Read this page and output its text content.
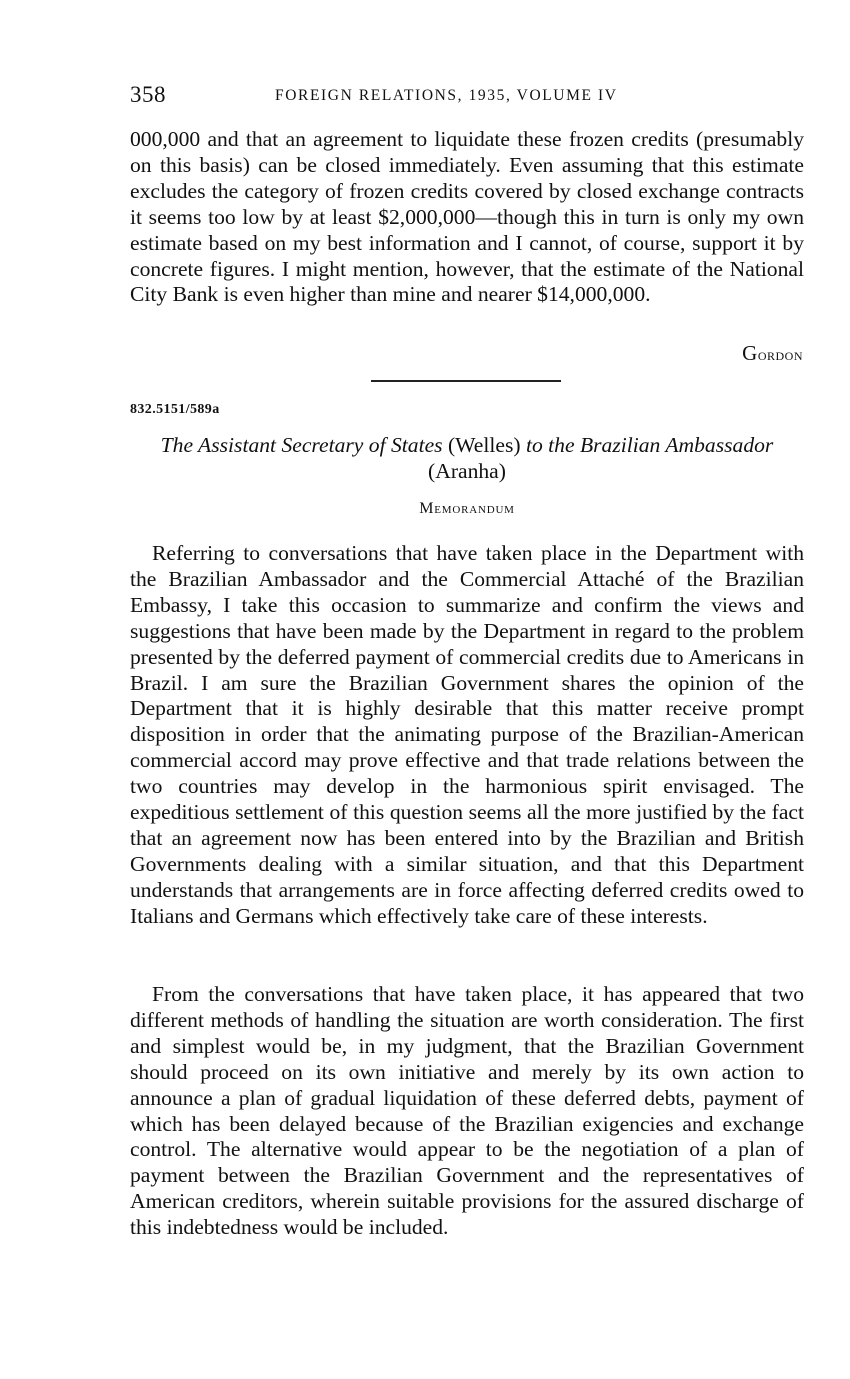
358	FOREIGN RELATIONS, 1935, VOLUME IV

000,000 and that an agreement to liquidate these frozen credits (presumably on this basis) can be closed immediately. Even assuming that this estimate excludes the category of frozen credits covered by closed exchange contracts it seems too low by at least $2,000,000—though this in turn is only my own estimate based on my best information and I cannot, of course, support it by concrete figures. I might mention, however, that the estimate of the National City Bank is even higher than mine and nearer $14,000,000.

Gordon
832.5151/589a
The Assistant Secretary of States (Welles) to the Brazilian Ambassador (Aranha)
Memorandum

Referring to conversations that have taken place in the Department with the Brazilian Ambassador and the Commercial Attaché of the Brazilian Embassy, I take this occasion to summarize and confirm the views and suggestions that have been made by the Department in regard to the problem presented by the deferred payment of commercial credits due to Americans in Brazil. I am sure the Brazilian Government shares the opinion of the Department that it is highly desirable that this matter receive prompt disposition in order that the animating purpose of the Brazilian-American commercial accord may prove effective and that trade relations between the two countries may develop in the harmonious spirit envisaged. The expeditious settlement of this question seems all the more justified by the fact that an agreement now has been entered into by the Brazilian and British Governments dealing with a similar situation, and that this Department understands that arrangements are in force affecting deferred credits owed to Italians and Germans which effectively take care of these interests.

From the conversations that have taken place, it has appeared that two different methods of handling the situation are worth consideration. The first and simplest would be, in my judgment, that the Brazilian Government should proceed on its own initiative and merely by its own action to announce a plan of gradual liquidation of these deferred debts, payment of which has been delayed because of the Brazilian exigencies and exchange control. The alternative would appear to be the negotiation of a plan of payment between the Brazilian Government and the representatives of American creditors, wherein suitable provisions for the assured discharge of this indebtedness would be included.
